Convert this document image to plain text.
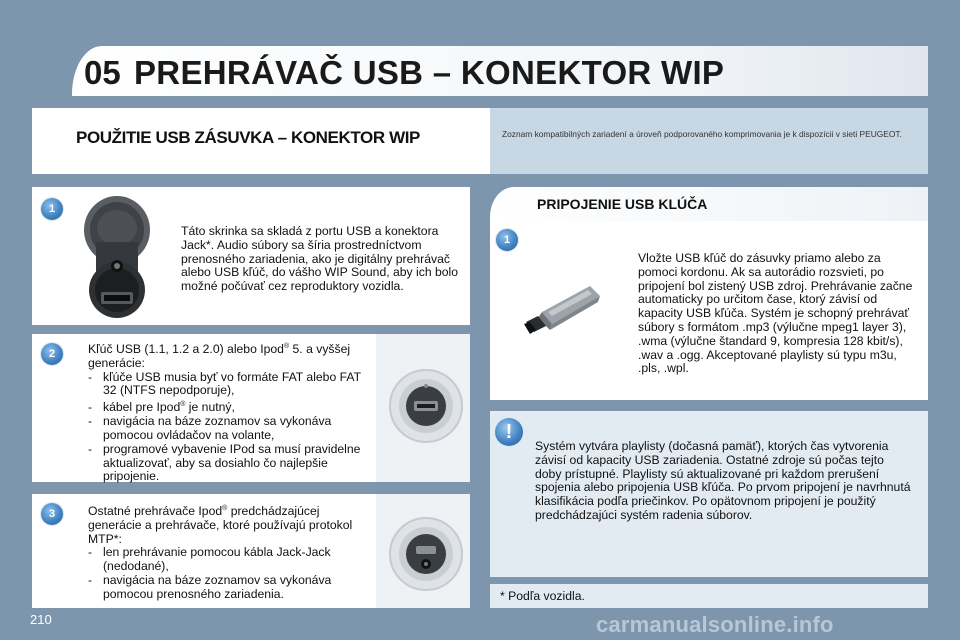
05 PREHRÁVAČ USB – KONEKTOR WIP
POUŽITIE USB ZÁSUVKA – KONEKTOR WIP	Zoznam kompatibilných zariadení a úroveň podporovaného komprimovania je k dispozícii v sieti PEUGEOT.
1
Táto skrinka sa skladá z portu USB a konektora Jack*. Audio súbory sa šíria prostredníctvom prenosného zariadenia, ako je digitálny prehrávač alebo USB kľúč, do vášho WIP Sound, aby ich bolo možné počúvať cez reproduktory vozidla.
2	Kľúč USB (1.1, 1.2 a 2.0) alebo Ipod® 5. a vyššej generácie:
- kľúče USB musia byť vo formáte FAT alebo FAT 32 (NTFS nepodporuje),
- kábel pre Ipod® je nutný,
- navigácia na báze zoznamov sa vykonáva pomocou ovládačov na volante,
- programové vybavenie IPod sa musí pravidelne aktualizovať, aby sa dosiahlo čo najlepšie pripojenie.
3	Ostatné prehrávače Ipod® predchádzajúcej generácie a prehrávače, ktoré používajú protokol MTP*:
- len prehrávanie pomocou kábla Jack-Jack (nedodané),
- navigácia na báze zoznamov sa vykonáva pomocou prenosného zariadenia.
PRIPOJENIE USB KLÚČA
1
Vložte USB kľúč do zásuvky priamo alebo za pomoci kordonu. Ak sa autorádio rozsvieti, po pripojení bol zistený USB zdroj. Prehrávanie začne automaticky po určitom čase, ktorý závisí od kapacity USB kľúča. Systém je schopný prehrávať súbory s formátom .mp3 (výlučne mpeg1 layer 3), .wma (výlučne štandard 9, kompresia 128 kbit/s), .wav a .ogg. Akceptované playlisty sú typu m3u, .pls, .wpl.
!
Systém vytvára playlisty (dočasná pamäť), ktorých čas vytvorenia závisí od kapacity USB zariadenia. Ostatné zdroje sú počas tejto doby prístupné. Playlisty sú aktualizované pri každom prerušení spojenia alebo pripojenia USB kľúča. Po prvom pripojení je navrhnutá klasifikácia podľa priečinkov. Po opätovnom pripojení je použitý predchádzajúci systém radenia súborov.
* Podľa vozidla.
210	carmanualsonline.info
